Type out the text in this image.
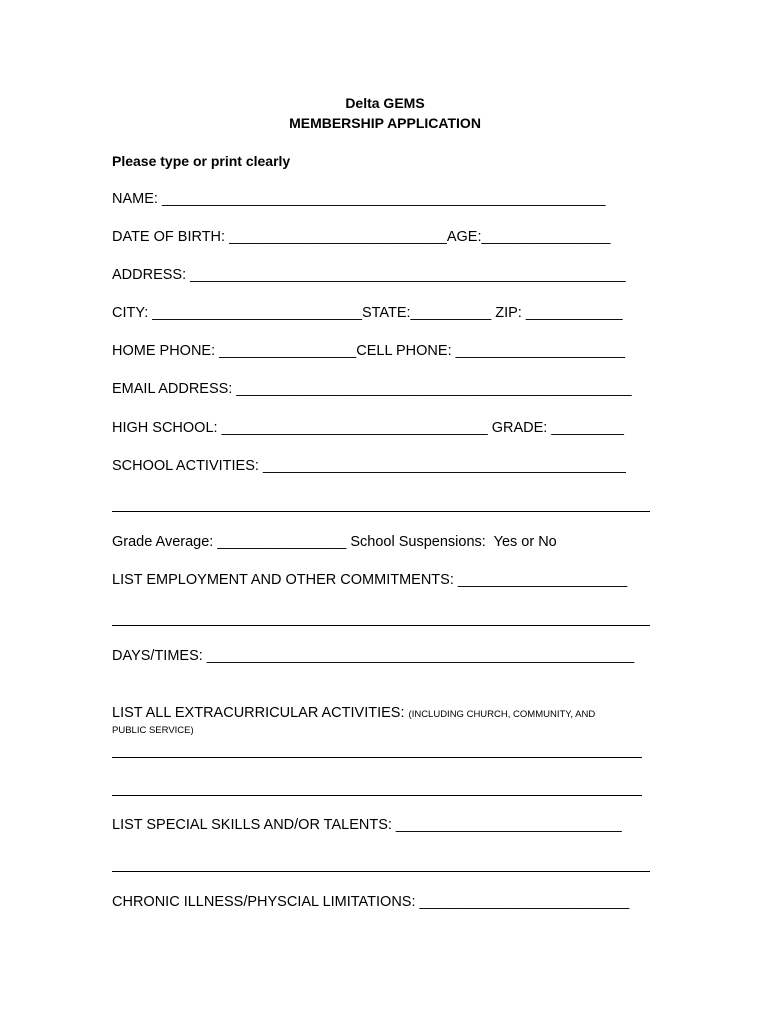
Delta GEMS
MEMBERSHIP APPLICATION
Please type or print clearly
NAME: _______________________________________________________
DATE OF BIRTH: ___________________________AGE:________________
ADDRESS: ______________________________________________________
CITY: __________________________STATE:__________ ZIP: ____________
HOME PHONE: _________________CELL PHONE: _____________________
EMAIL ADDRESS: _________________________________________________
HIGH SCHOOL: _________________________________ GRADE: _________
SCHOOL ACTIVITIES: _____________________________________________
Grade Average: ________________ School Suspensions:  Yes or No
LIST EMPLOYMENT AND OTHER COMMITMENTS: _____________________
DAYS/TIMES: _____________________________________________________
LIST ALL EXTRACURRICULAR ACTIVITIES: (INCLUDING CHURCH, COMMUNITY, AND
PUBLIC SERVICE)
LIST SPECIAL SKILLS AND/OR TALENTS: ____________________________
CHRONIC ILLNESS/PHYSCIAL LIMITATIONS: __________________________
